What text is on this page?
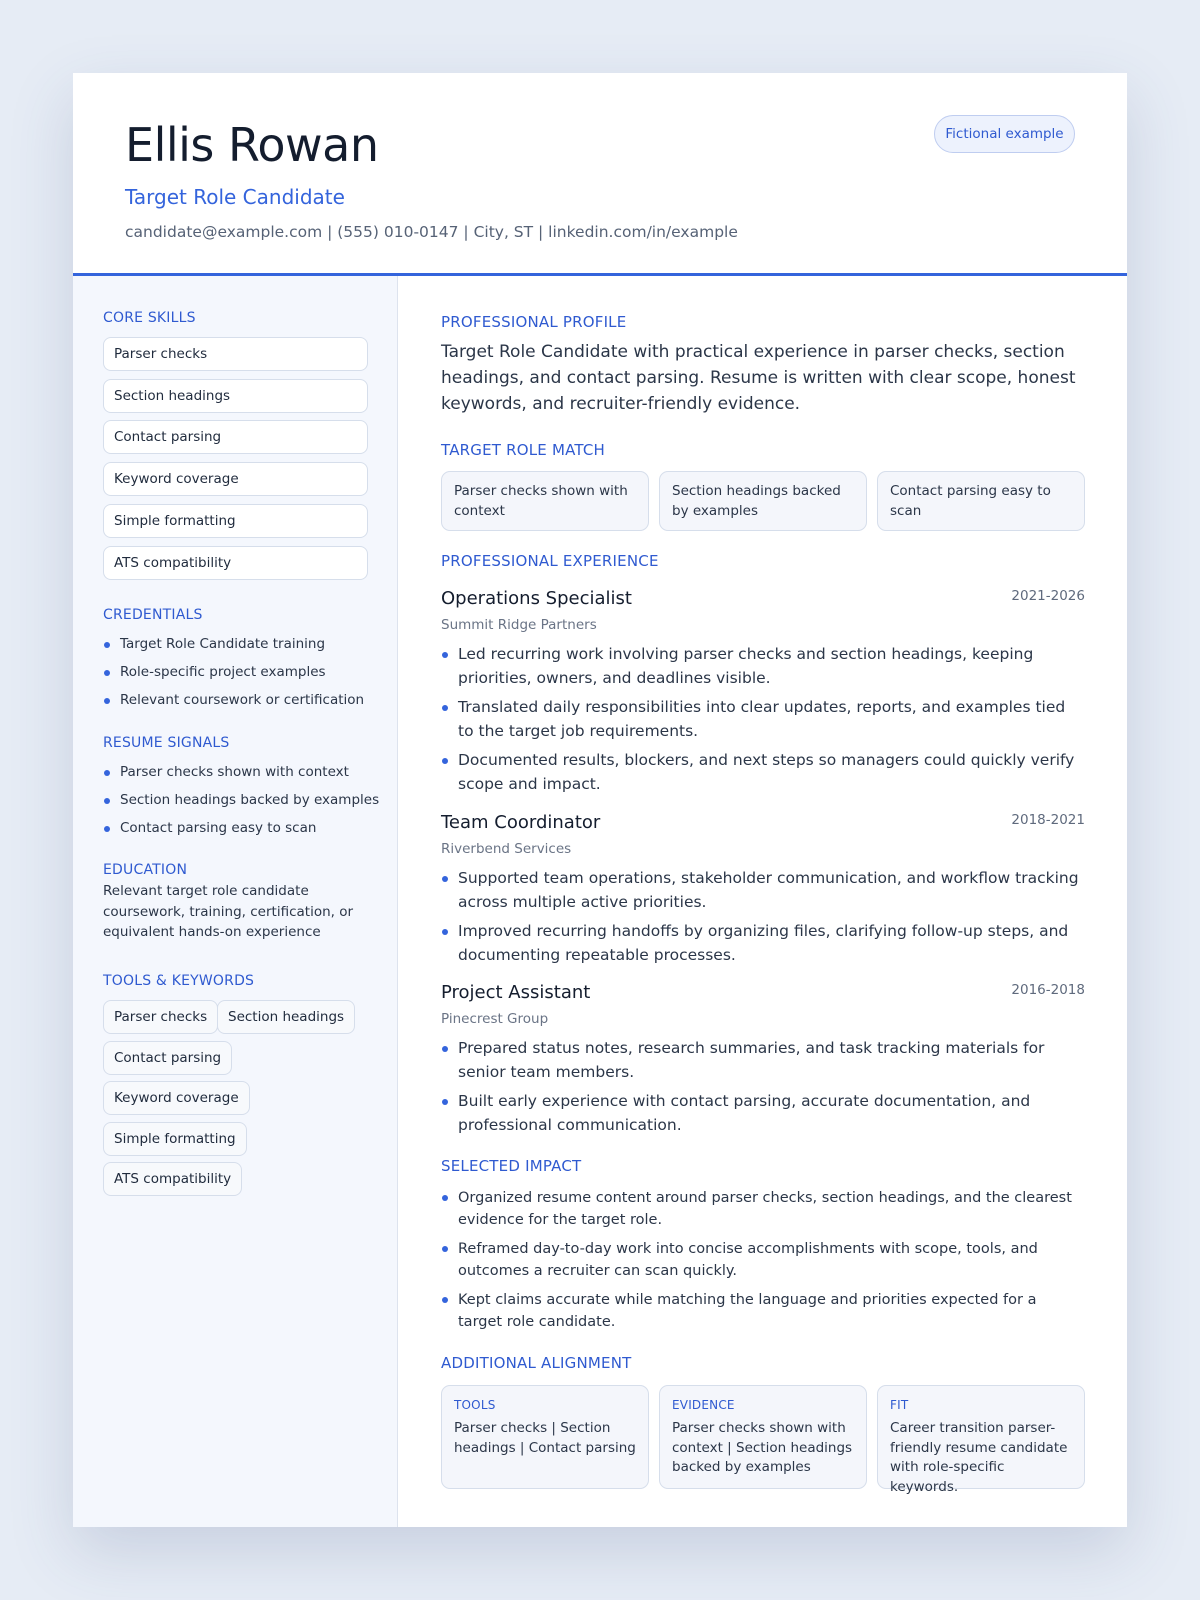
Ellis Rowan
Target Role Candidate
candidate@example.com | (555) 010-0147 | City, ST | linkedin.com/in/example
Fictional example
CORE SKILLS
Parser checks
Section headings
Contact parsing
Keyword coverage
Simple formatting
ATS compatibility
CREDENTIALS
Target Role Candidate training
Role-specific project examples
Relevant coursework or certification
RESUME SIGNALS
Parser checks shown with context
Section headings backed by examples
Contact parsing easy to scan
EDUCATION
Relevant target role candidate coursework, training, certification, or equivalent hands-on experience
TOOLS & KEYWORDS
Parser checks	Section headings
Contact parsing
Keyword coverage
Simple formatting
ATS compatibility
PROFESSIONAL PROFILE

Target Role Candidate with practical experience in parser checks, section headings, and contact parsing. Resume is written with clear scope, honest keywords, and recruiter-friendly evidence.

TARGET ROLE MATCH
Parser checks shown with context
Section headings backed by examples
Contact parsing easy to scan
PROFESSIONAL EXPERIENCE
Operations Specialist	2021-2026
Summit Ridge Partners
Led recurring work involving parser checks and section headings, keeping priorities, owners, and deadlines visible.
Translated daily responsibilities into clear updates, reports, and examples tied to the target job requirements.
Documented results, blockers, and next steps so managers could quickly verify scope and impact.
Team Coordinator	2018-2021
Riverbend Services
Supported team operations, stakeholder communication, and workflow tracking across multiple active priorities.
Improved recurring handoffs by organizing files, clarifying follow-up steps, and documenting repeatable processes.
Project Assistant	2016-2018
Pinecrest Group
Prepared status notes, research summaries, and task tracking materials for senior team members.
Built early experience with contact parsing, accurate documentation, and professional communication.
SELECTED IMPACT
Organized resume content around parser checks, section headings, and the clearest evidence for the target role.
Reframed day-to-day work into concise accomplishments with scope, tools, and outcomes a recruiter can scan quickly.
Kept claims accurate while matching the language and priorities expected for a target role candidate.
ADDITIONAL ALIGNMENT
TOOLS
Parser checks | Section headings | Contact parsing
EVIDENCE
Parser checks shown with context | Section headings backed by examples
FIT
Career transition parser-friendly resume candidate with role-specific keywords.
